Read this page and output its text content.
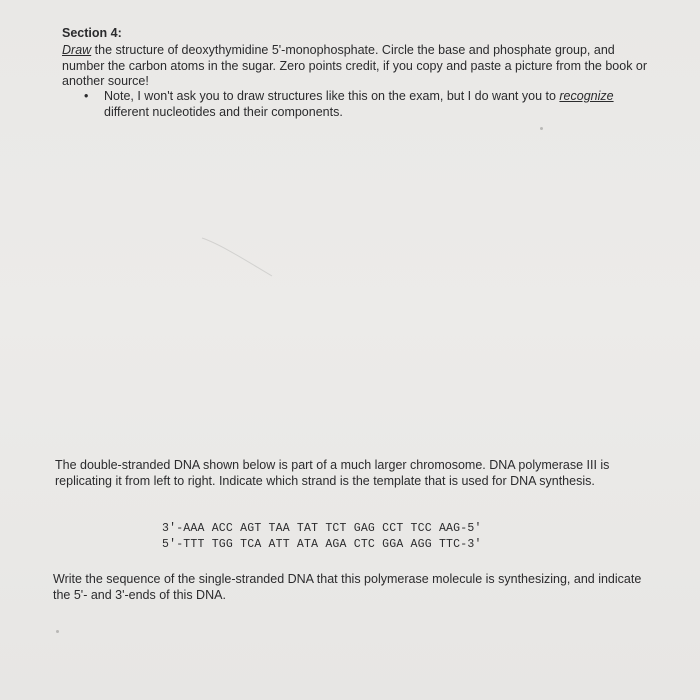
Section 4:

Draw the structure of deoxythymidine 5'-monophosphate. Circle the base and phosphate group, and number the carbon atoms in the sugar. Zero points credit, if you copy and paste a picture from the book or another source!

• Note, I won't ask you to draw structures like this on the exam, but I do want you to recognize different nucleotides and their components.

The double-stranded DNA shown below is part of a much larger chromosome. DNA polymerase III is replicating it from left to right. Indicate which strand is the template that is used for DNA synthesis.

3'-AAA ACC AGT TAA TAT TCT GAG CCT TCC AAG-5'
5'-TTT TGG TCA ATT ATA AGA CTC GGA AGG TTC-3'

Write the sequence of the single-stranded DNA that this polymerase molecule is synthesizing, and indicate the 5'- and 3'-ends of this DNA.
